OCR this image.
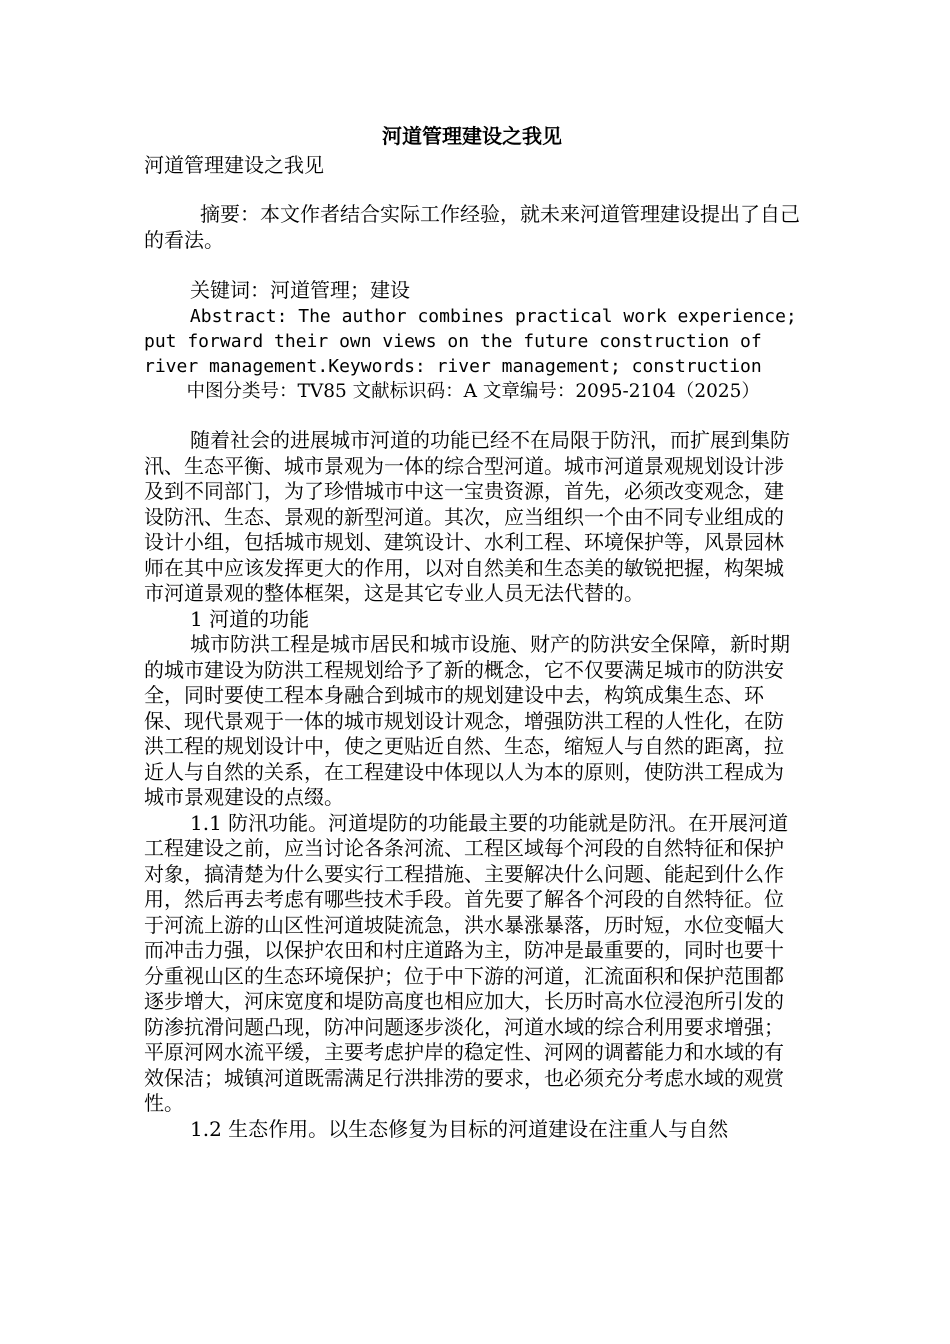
河道管理建设之我见
河道管理建设之我见

摘要：本文作者结合实际工作经验，就未来河道管理建设提出了自己的看法。

关键词：河道管理；建设

Abstract: The author combines practical work experience; put forward their own views on the future construction of river management.Keywords: river management; construction

中图分类号：TV85 文献标识码：A 文章编号：2095-2104（2025）

随着社会的进展城市河道的功能已经不在局限于防汛，而扩展到集防汛、生态平衡、城市景观为一体的综合型河道。城市河道景观规划设计涉及到不同部门，为了珍惜城市中这一宝贵资源，首先，必须改变观念，建设防汛、生态、景观的新型河道。其次，应当组织一个由不同专业组成的设计小组，包括城市规划、建筑设计、水利工程、环境保护等，风景园林师在其中应该发挥更大的作用，以对自然美和生态美的敏锐把握，构架城市河道景观的整体框架，这是其它专业人员无法代替的。

1 河道的功能

城市防洪工程是城市居民和城市设施、财产的防洪安全保障，新时期的城市建设为防洪工程规划给予了新的概念，它不仅要满足城市的防洪安全，同时要使工程本身融合到城市的规划建设中去，构筑成集生态、环保、现代景观于一体的城市规划设计观念，增强防洪工程的人性化，在防洪工程的规划设计中，使之更贴近自然、生态，缩短人与自然的距离，拉近人与自然的关系，在工程建设中体现以人为本的原则，使防洪工程成为城市景观建设的点缀。

1.1 防汛功能。河道堤防的功能最主要的功能就是防汛。在开展河道工程建设之前，应当讨论各条河流、工程区域每个河段的自然特征和保护对象，搞清楚为什么要实行工程措施、主要解决什么问题、能起到什么作用，然后再去考虑有哪些技术手段。首先要了解各个河段的自然特征。位于河流上游的山区性河道坡陡流急，洪水暴涨暴落，历时短，水位变幅大而冲击力强，以保护农田和村庄道路为主，防冲是最重要的，同时也要十分重视山区的生态环境保护；位于中下游的河道，汇流面积和保护范围都逐步增大，河床宽度和堤防高度也相应加大，长历时高水位浸泡所引发的防渗抗滑问题凸现，防冲问题逐步淡化，河道水域的综合利用要求增强；平原河网水流平缓，主要考虑护岸的稳定性、河网的调蓄能力和水域的有效保洁；城镇河道既需满足行洪排涝的要求，也必须充分考虑水域的观赏性。

1.2 生态作用。以生态修复为目标的河道建设在注重人与自然
